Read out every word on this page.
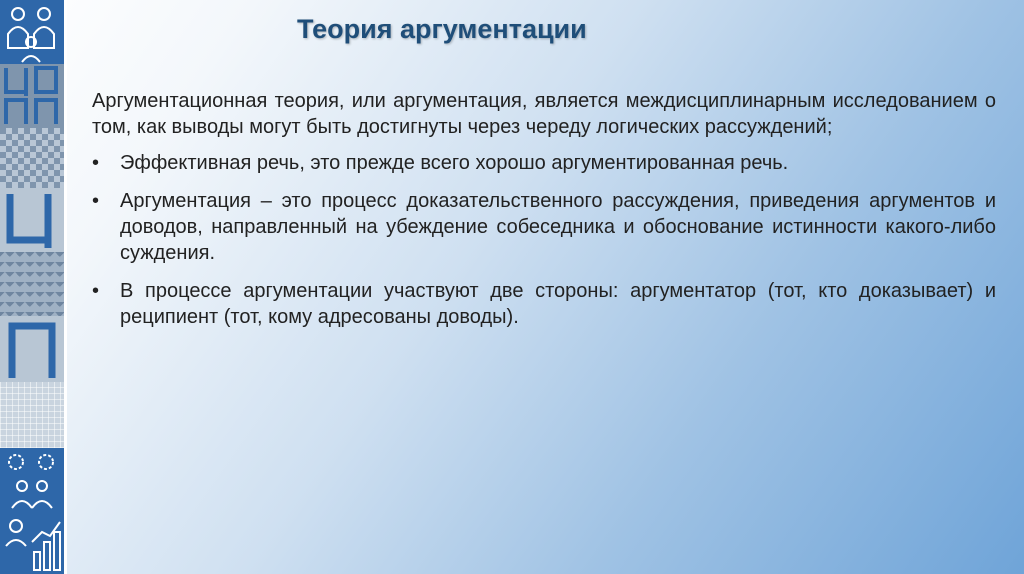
Теория аргументации

Аргументационная теория, или аргументация, является междисциплинарным исследованием о том, как выводы могут быть достигнуты через череду логических рассуждений;

•	Эффективная речь, это прежде всего хорошо аргументированная речь.
•	Аргументация – это процесс доказательственного рассуждения, приведения аргументов и доводов, направленный на убеждение собеседника и обоснование истинности какого-либо суждения.
•	В процессе аргументации участвуют две стороны: аргументатор (тот, кто доказывает) и реципиент (тот, кому адресованы доводы).
